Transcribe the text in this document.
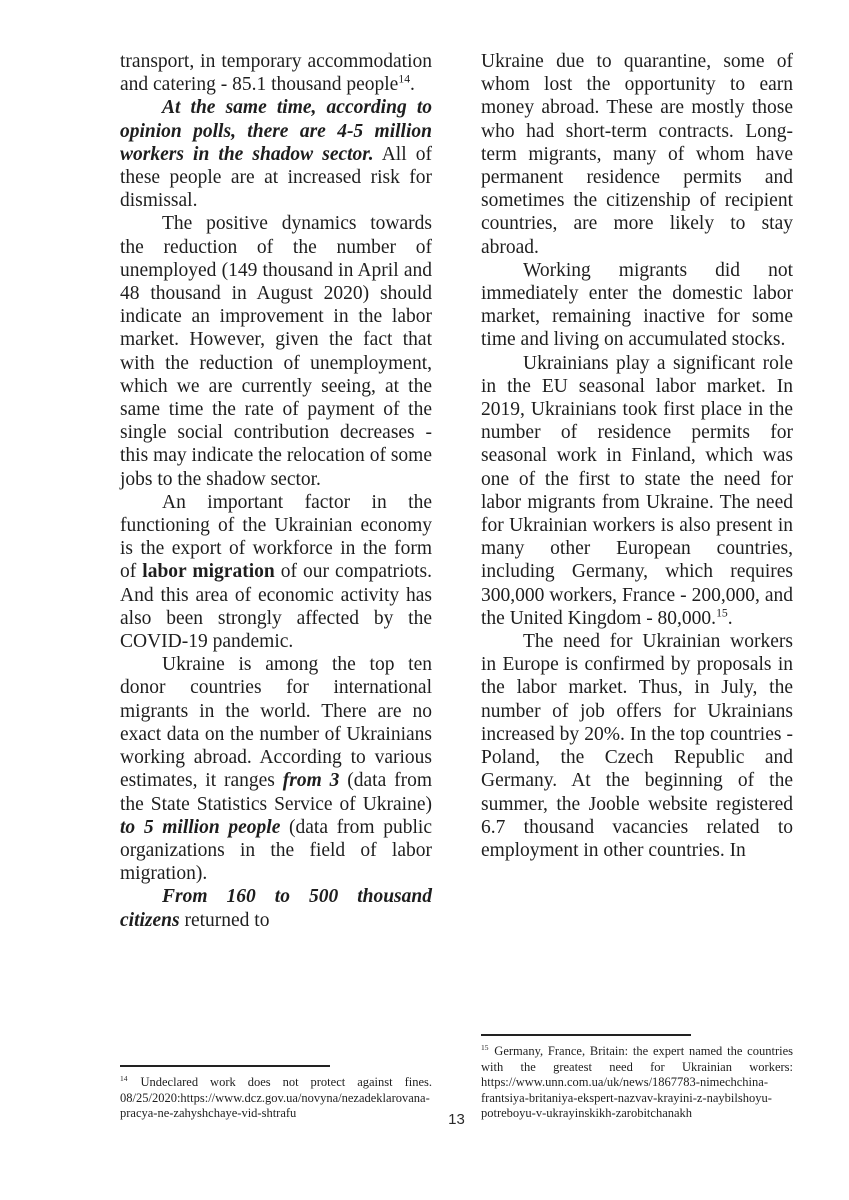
transport, in temporary accommodation and catering - 85.1 thousand people$^{14}$.

At the same time, according to opinion polls, there are 4-5 million workers in the shadow sector. All of these people are at increased risk for dismissal.

The positive dynamics towards the reduction of the number of unemployed (149 thousand in April and 48 thousand in August 2020) should indicate an improvement in the labor market. However, given the fact that with the reduction of unemployment, which we are currently seeing, at the same time the rate of payment of the single social contribution decreases - this may indicate the relocation of some jobs to the shadow sector.

An important factor in the functioning of the Ukrainian economy is the export of workforce in the form of labor migration of our compatriots. And this area of economic activity has also been strongly affected by the COVID-19 pandemic.

Ukraine is among the top ten donor countries for international migrants in the world. There are no exact data on the number of Ukrainians working abroad. According to various estimates, it ranges from 3 (data from the State Statistics Service of Ukraine) to 5 million people (data from public organizations in the field of labor migration).

From 160 to 500 thousand citizens returned to

$^{14}$ Undeclared work does not protect against fines. 08/25/2020:https://www.dcz.gov.ua/novyna/nezadeklarovana-pracya-ne-zahyshchaye-vid-shtrafu

Ukraine due to quarantine, some of whom lost the opportunity to earn money abroad. These are mostly those who had short-term contracts. Long-term migrants, many of whom have permanent residence permits and sometimes the citizenship of recipient countries, are more likely to stay abroad.

Working migrants did not immediately enter the domestic labor market, remaining inactive for some time and living on accumulated stocks.

Ukrainians play a significant role in the EU seasonal labor market. In 2019, Ukrainians took first place in the number of residence permits for seasonal work in Finland, which was one of the first to state the need for labor migrants from Ukraine. The need for Ukrainian workers is also present in many other European countries, including Germany, which requires 300,000 workers, France - 200,000, and the United Kingdom - 80,000.15.

The need for Ukrainian workers in Europe is confirmed by proposals in the labor market. Thus, in July, the number of job offers for Ukrainians increased by 20%. In the top countries - Poland, the Czech Republic and Germany. At the beginning of the summer, the Jooble website registered 6.7 thousand vacancies related to employment in other countries. In

$^{15}$ Germany, France, Britain: the expert named the countries with the greatest need for Ukrainian workers: https://www.unn.com.ua/uk/news/1867783-nimechchina-frantsiya-britaniya-ekspert-nazvav-krayini-z-naybilshoyu-potreboyu-v-ukrayinskikh-zarobitchanakh

13
